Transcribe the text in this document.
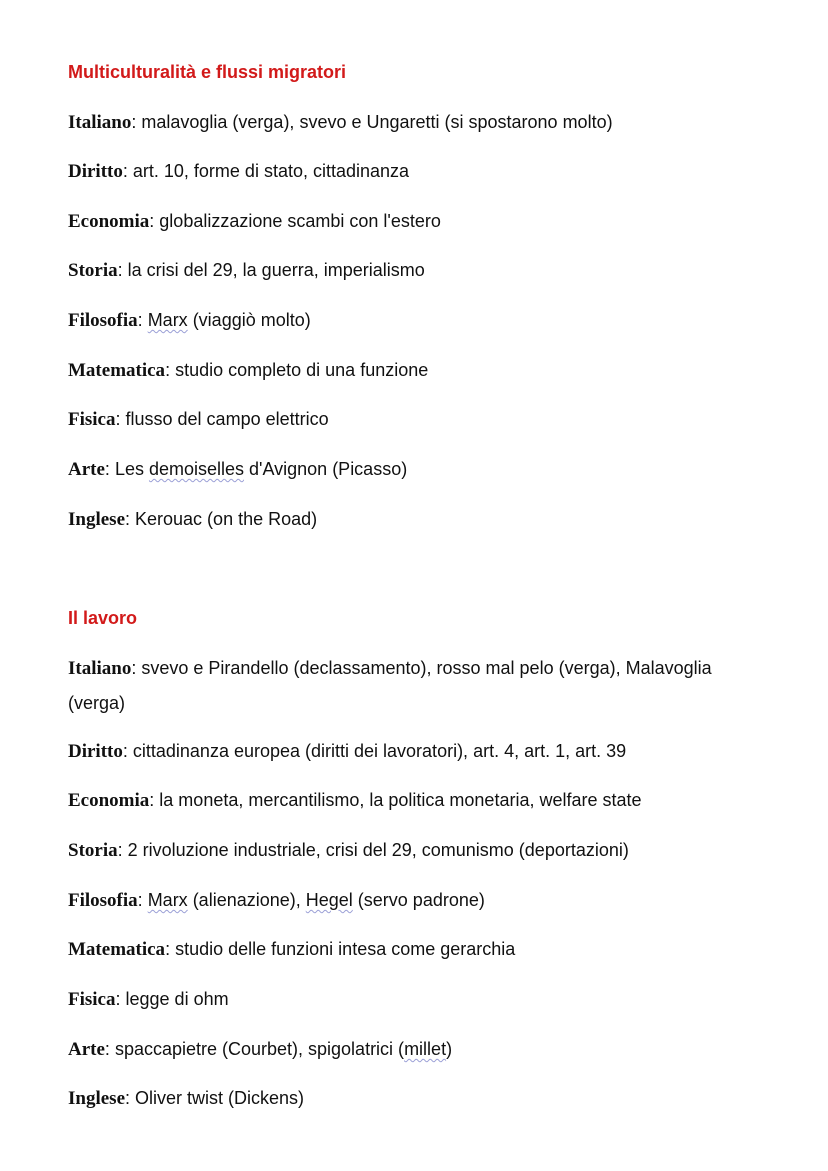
Multiculturalità e flussi migratori
Italiano: malavoglia (verga), svevo e Ungaretti (si spostarono molto)
Diritto: art. 10, forme di stato, cittadinanza
Economia: globalizzazione scambi con l'estero
Storia: la crisi del 29, la guerra, imperialismo
Filosofia: Marx (viaggiò molto)
Matematica: studio completo di una funzione
Fisica: flusso del campo elettrico
Arte: Les demoiselles d'Avignon (Picasso)
Inglese: Kerouac (on the Road)
Il lavoro
Italiano: svevo e Pirandello (declassamento), rosso mal pelo (verga), Malavoglia (verga)
Diritto: cittadinanza europea (diritti dei lavoratori), art. 4, art. 1, art. 39
Economia: la moneta, mercantilismo, la politica monetaria, welfare state
Storia: 2 rivoluzione industriale, crisi del 29, comunismo (deportazioni)
Filosofia: Marx (alienazione), Hegel (servo padrone)
Matematica: studio delle funzioni intesa come gerarchia
Fisica: legge di ohm
Arte: spaccapietre (Courbet), spigolatrici (millet)
Inglese: Oliver twist (Dickens)
